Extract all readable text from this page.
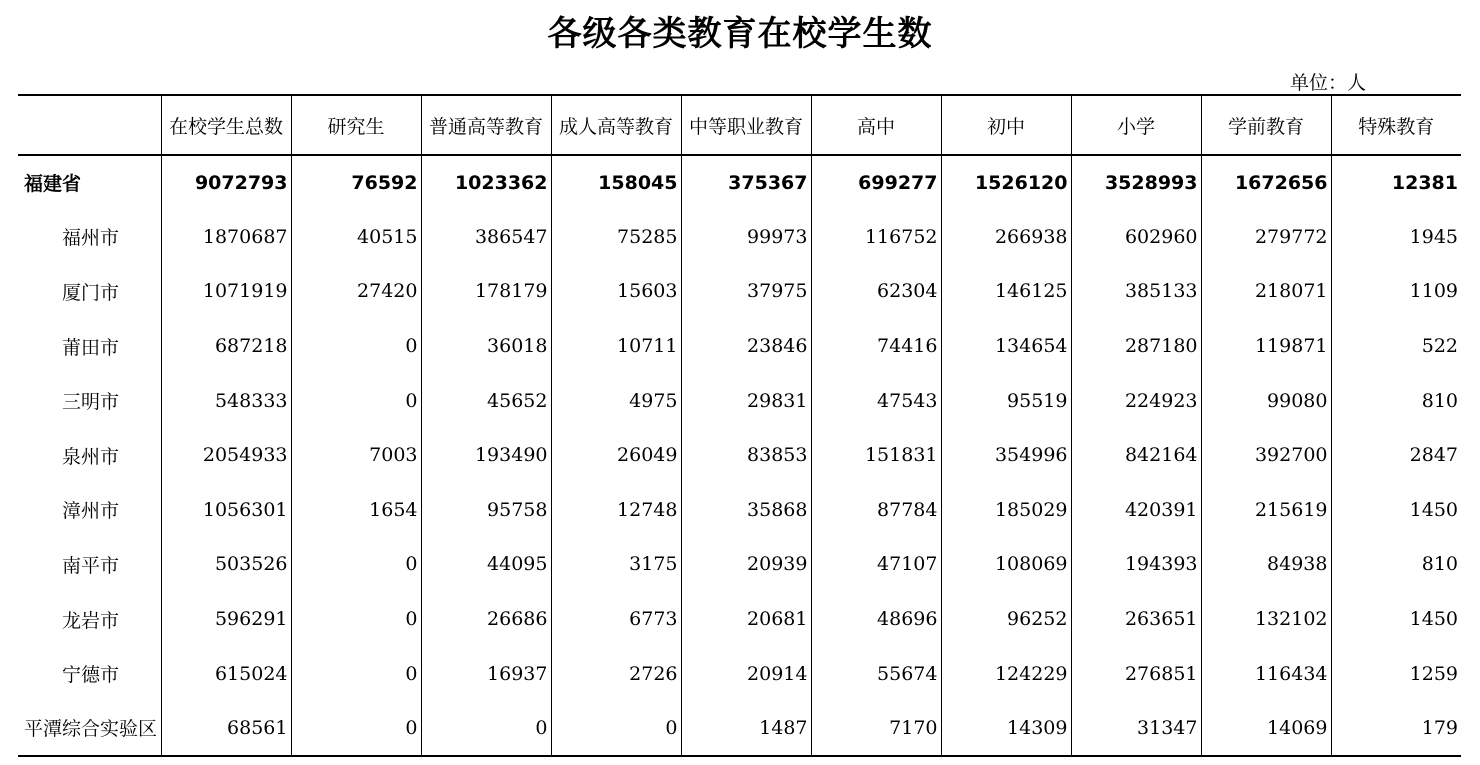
各级各类教育在校学生数
单位：人
	在校学生总数	研究生	普通高等教育	成人高等教育	中等职业教育	高中	初中	小学	学前教育	特殊教育
福建省	9072793	76592	1023362	158045	375367	699277	1526120	3528993	1672656	12381
福州市	1870687	40515	386547	75285	99973	116752	266938	602960	279772	1945
厦门市	1071919	27420	178179	15603	37975	62304	146125	385133	218071	1109
莆田市	687218	0	36018	10711	23846	74416	134654	287180	119871	522
三明市	548333	0	45652	4975	29831	47543	95519	224923	99080	810
泉州市	2054933	7003	193490	26049	83853	151831	354996	842164	392700	2847
漳州市	1056301	1654	95758	12748	35868	87784	185029	420391	215619	1450
南平市	503526	0	44095	3175	20939	47107	108069	194393	84938	810
龙岩市	596291	0	26686	6773	20681	48696	96252	263651	132102	1450
宁德市	615024	0	16937	2726	20914	55674	124229	276851	116434	1259
平潭综合实验区	68561	0	0	0	1487	7170	14309	31347	14069	179
